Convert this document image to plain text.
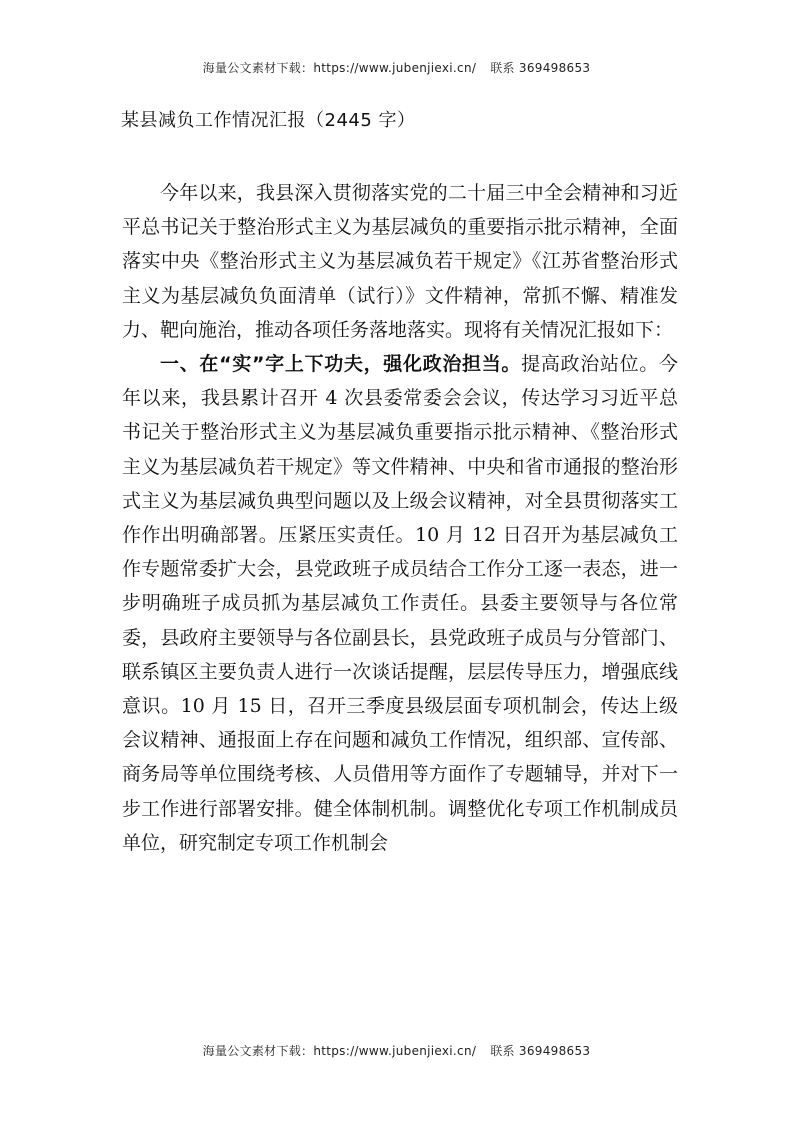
海量公文素材下载：https://www.jubenjiexi.cn/ 联系 369498653
某县减负工作情况汇报（2445 字）

今年以来，我县深入贯彻落实党的二十届三中全会精神和习近平总书记关于整治形式主义为基层减负的重要指示批示精神，全面落实中央《整治形式主义为基层减负若干规定》《江苏省整治形式主义为基层减负负面清单（试行）》文件精神，常抓不懈、精准发力、靶向施治，推动各项任务落地落实。现将有关情况汇报如下：

一、在“实”字上下功夫，强化政治担当。提高政治站位。今年以来，我县累计召开 4 次县委常委会会议，传达学习习近平总书记关于整治形式主义为基层减负重要指示批示精神、《整治形式主义为基层减负若干规定》等文件精神、中央和省市通报的整治形式主义为基层减负典型问题以及上级会议精神，对全县贯彻落实工作作出明确部署。压紧压实责任。10 月 12 日召开为基层减负工作专题常委扩大会，县党政班子成员结合工作分工逐一表态，进一步明确班子成员抓为基层减负工作责任。县委主要领导与各位常委，县政府主要领导与各位副县长，县党政班子成员与分管部门、联系镇区主要负责人进行一次谈话提醒，层层传导压力，增强底线意识。10 月 15 日，召开三季度县级层面专项机制会，传达上级会议精神、通报面上存在问题和减负工作情况，组织部、宣传部、商务局等单位围绕考核、人员借用等方面作了专题辅导，并对下一步工作进行部署安排。健全体制机制。调整优化专项工作机制成员单位，研究制定专项工作机制会

海量公文素材下载：https://www.jubenjiexi.cn/ 联系 369498653
